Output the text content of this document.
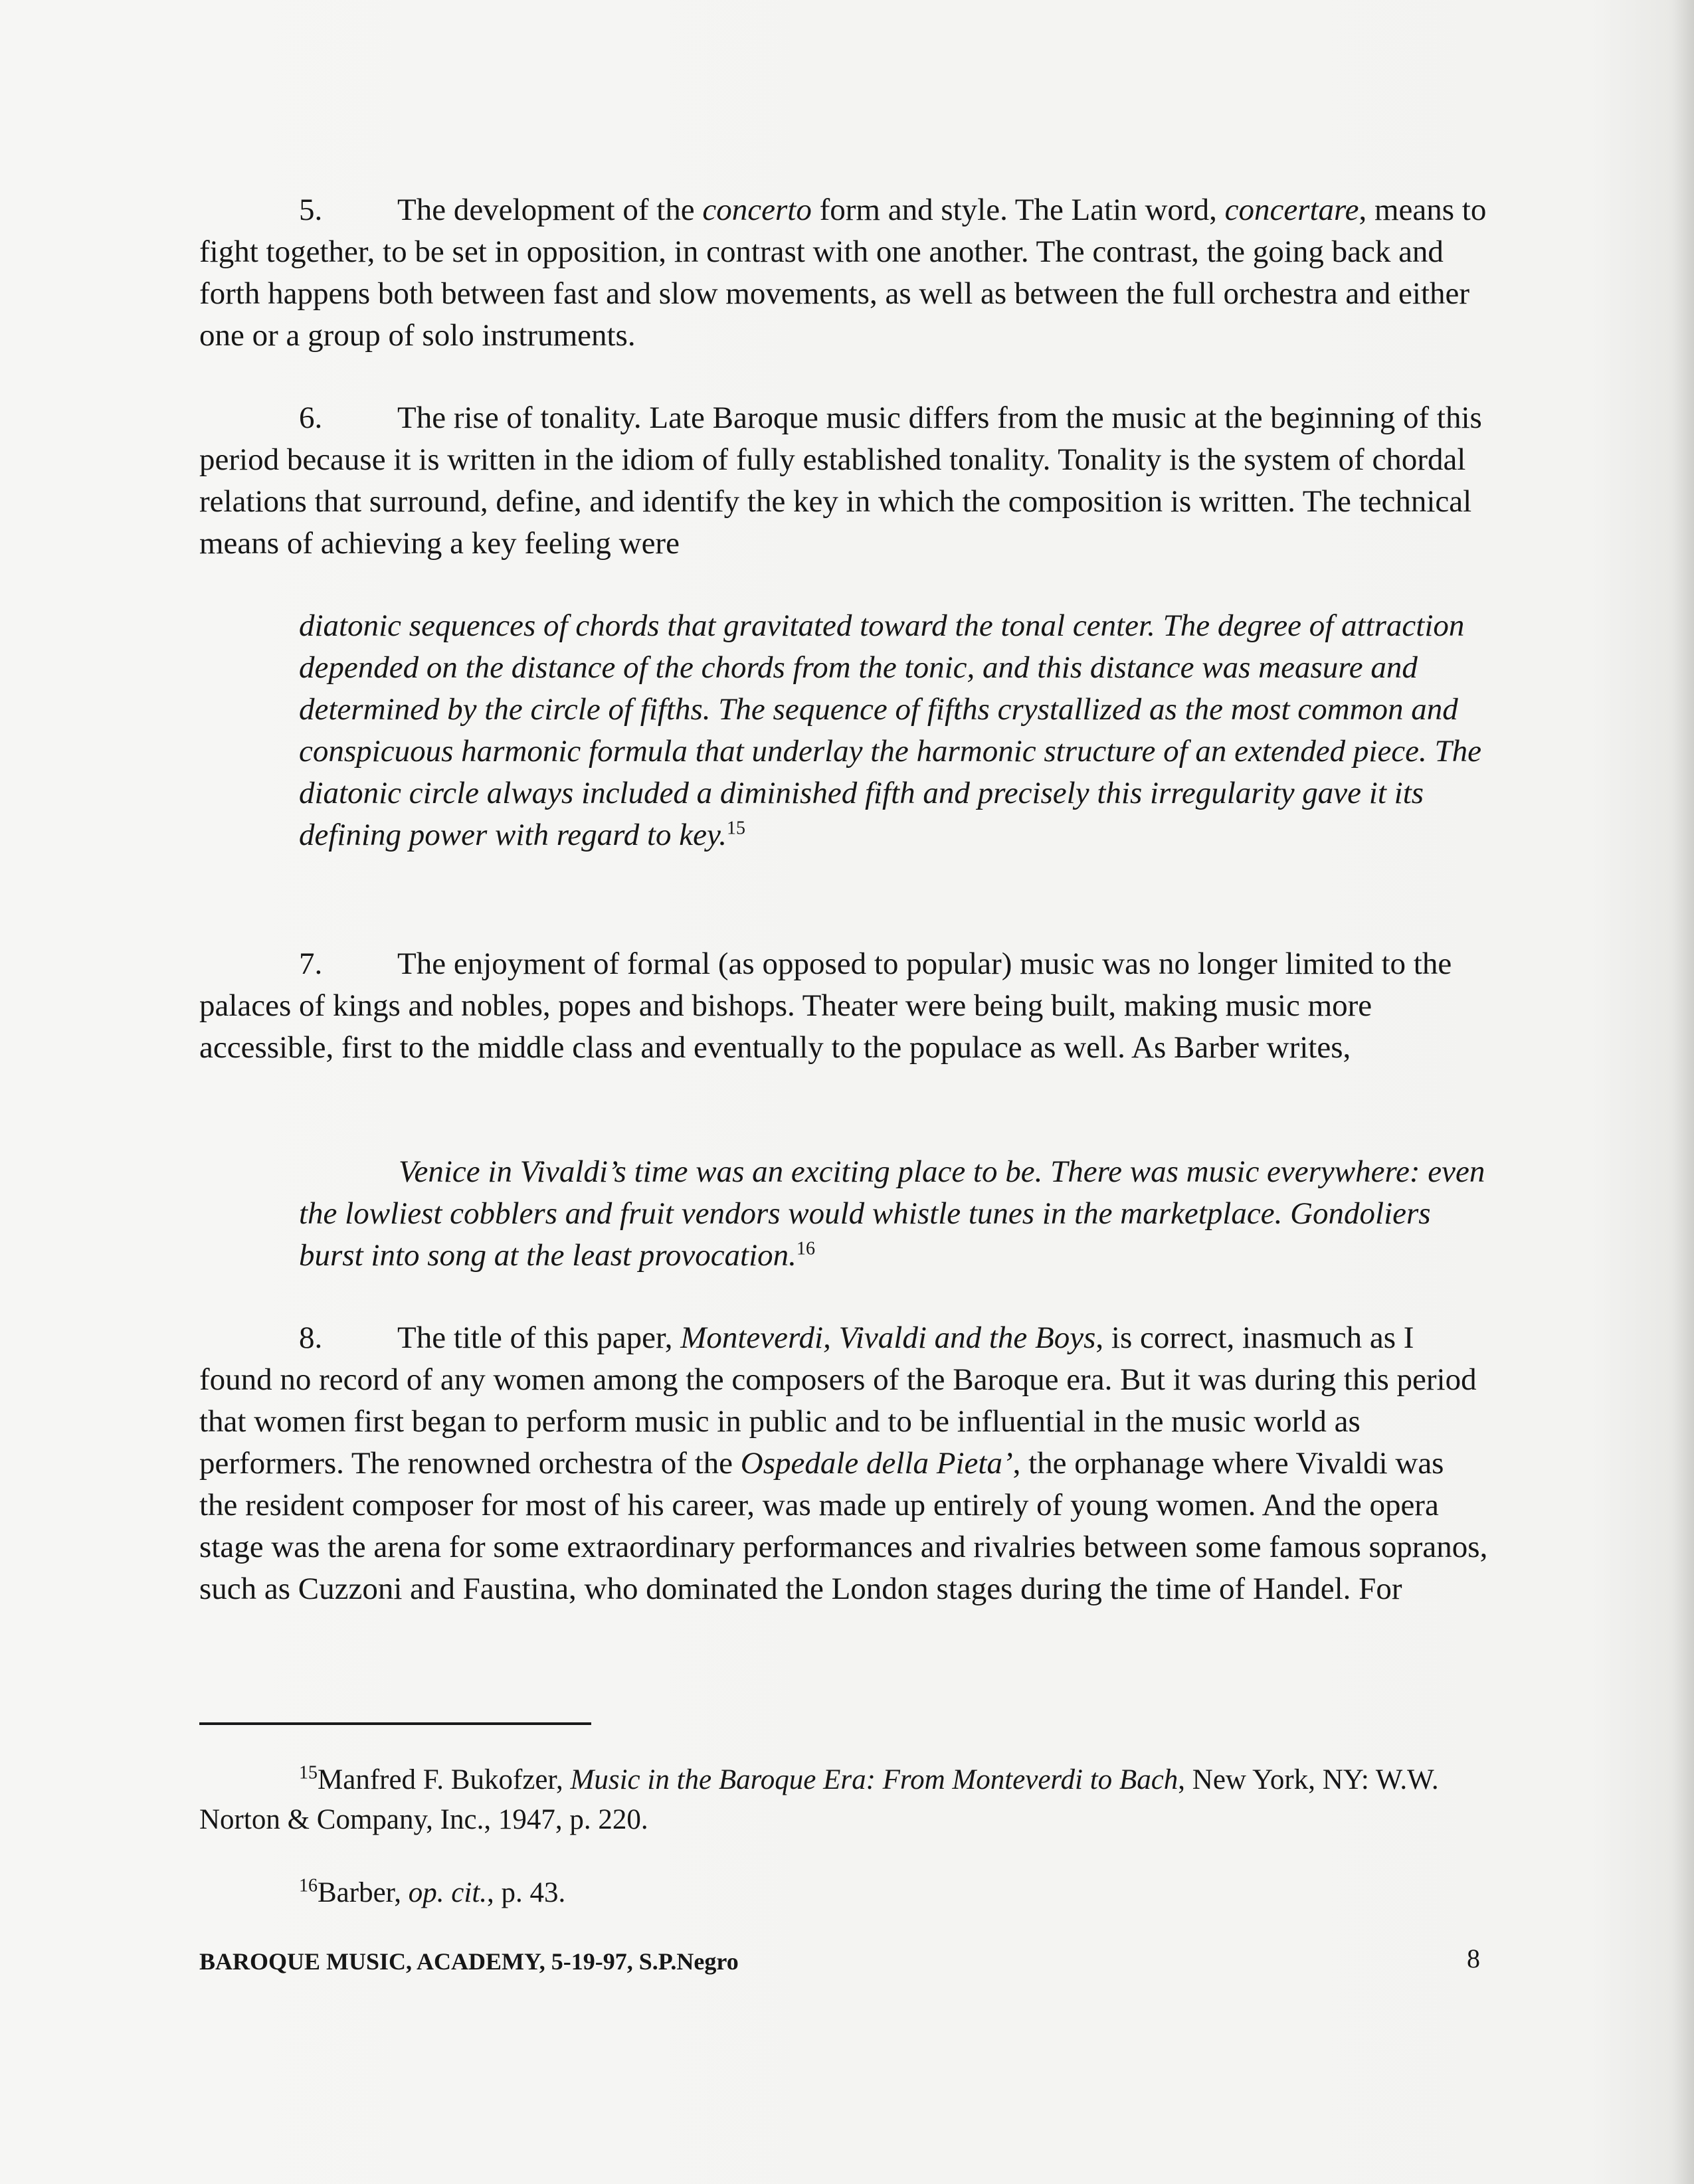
5. The development of the concerto form and style. The Latin word, concertare, means to fight together, to be set in opposition, in contrast with one another. The contrast, the going back and forth happens both between fast and slow movements, as well as between the full orchestra and either one or a group of solo instruments.

6. The rise of tonality. Late Baroque music differs from the music at the beginning of this period because it is written in the idiom of fully established tonality. Tonality is the system of chordal relations that surround, define, and identify the key in which the composition is written. The technical means of achieving a key feeling were

diatonic sequences of chords that gravitated toward the tonal center. The degree of attraction depended on the distance of the chords from the tonic, and this distance was measure and determined by the circle of fifths. The sequence of fifths crystallized as the most common and conspicuous harmonic formula that underlay the harmonic structure of an extended piece. The diatonic circle always included a diminished fifth and precisely this irregularity gave it its defining power with regard to key.$^{15}$

7. The enjoyment of formal (as opposed to popular) music was no longer limited to the palaces of kings and nobles, popes and bishops. Theater were being built, making music more accessible, first to the middle class and eventually to the populace as well. As Barber writes,

Venice in Vivaldi’s time was an exciting place to be. There was music everywhere: even the lowliest cobblers and fruit vendors would whistle tunes in the marketplace. Gondoliers burst into song at the least provocation.$^{16}$

8. The title of this paper, Monteverdi, Vivaldi and the Boys, is correct, inasmuch as I found no record of any women among the composers of the Baroque era. But it was during this period that women first began to perform music in public and to be influential in the music world as performers. The renowned orchestra of the Ospedale della Pieta’, the orphanage where Vivaldi was the resident composer for most of his career, was made up entirely of young women. And the opera stage was the arena for some extraordinary performances and rivalries between some famous sopranos, such as Cuzzoni and Faustina, who dominated the London stages during the time of Handel. For

$^{15}$Manfred F. Bukofzer, Music in the Baroque Era: From Monteverdi to Bach, New York, NY: W.W. Norton & Company, Inc., 1947, p. 220.

$^{16}$Barber, op. cit., p. 43.

BAROQUE MUSIC, ACADEMY, 5-19-97, S.P.Negro	8
